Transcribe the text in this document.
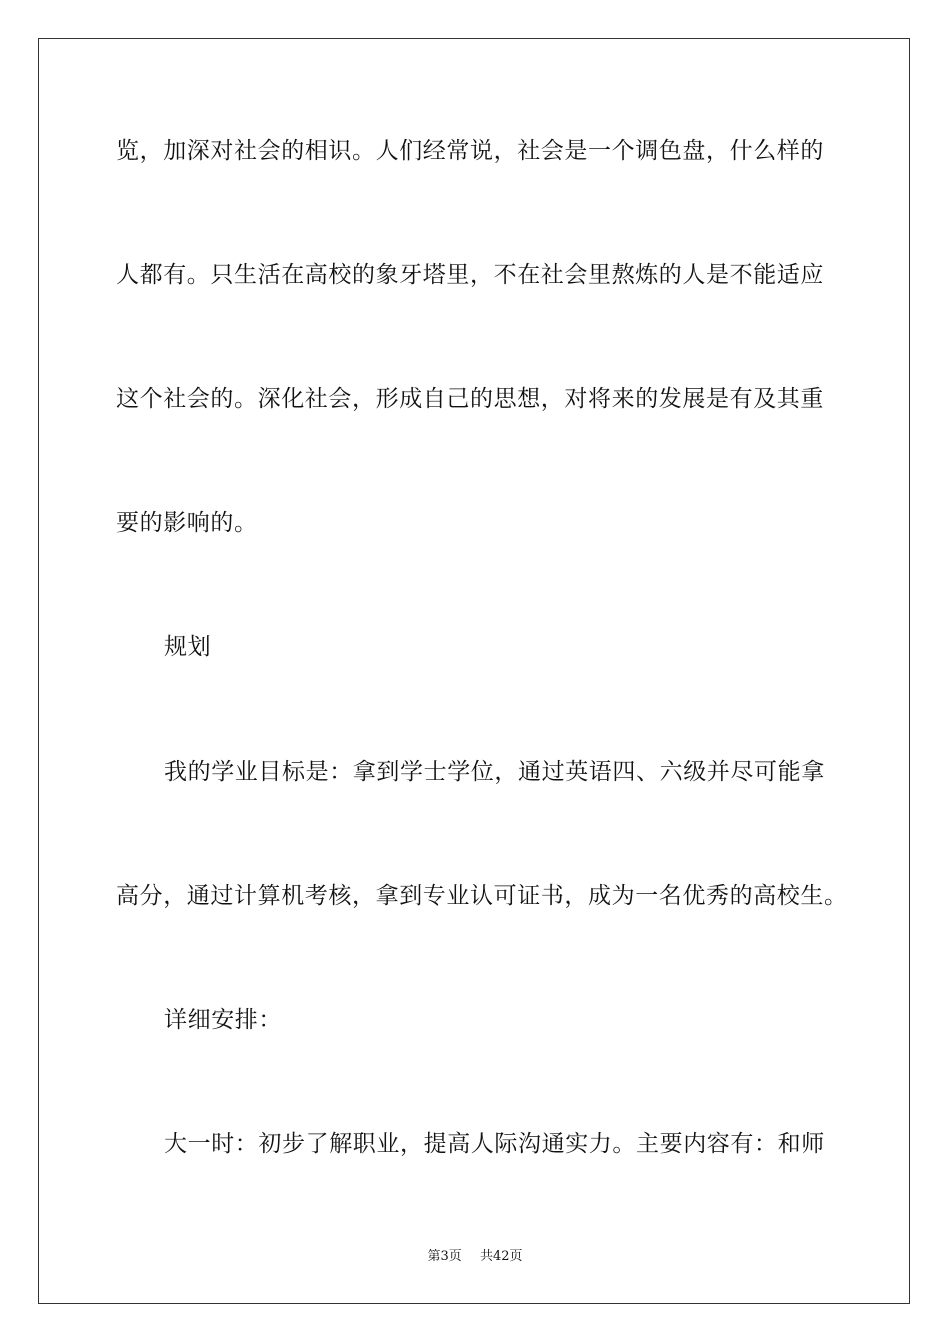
览，加深对社会的相识。人们经常说，社会是一个调色盘，什么样的
人都有。只生活在高校的象牙塔里，不在社会里熬炼的人是不能适应
这个社会的。深化社会，形成自己的思想，对将来的发展是有及其重
要的影响的。
规划
我的学业目标是：拿到学士学位，通过英语四、六级并尽可能拿
高分，通过计算机考核，拿到专业认可证书，成为一名优秀的高校生。
详细安排：
大一时：初步了解职业，提高人际沟通实力。主要内容有：和师
第3页 共42页
